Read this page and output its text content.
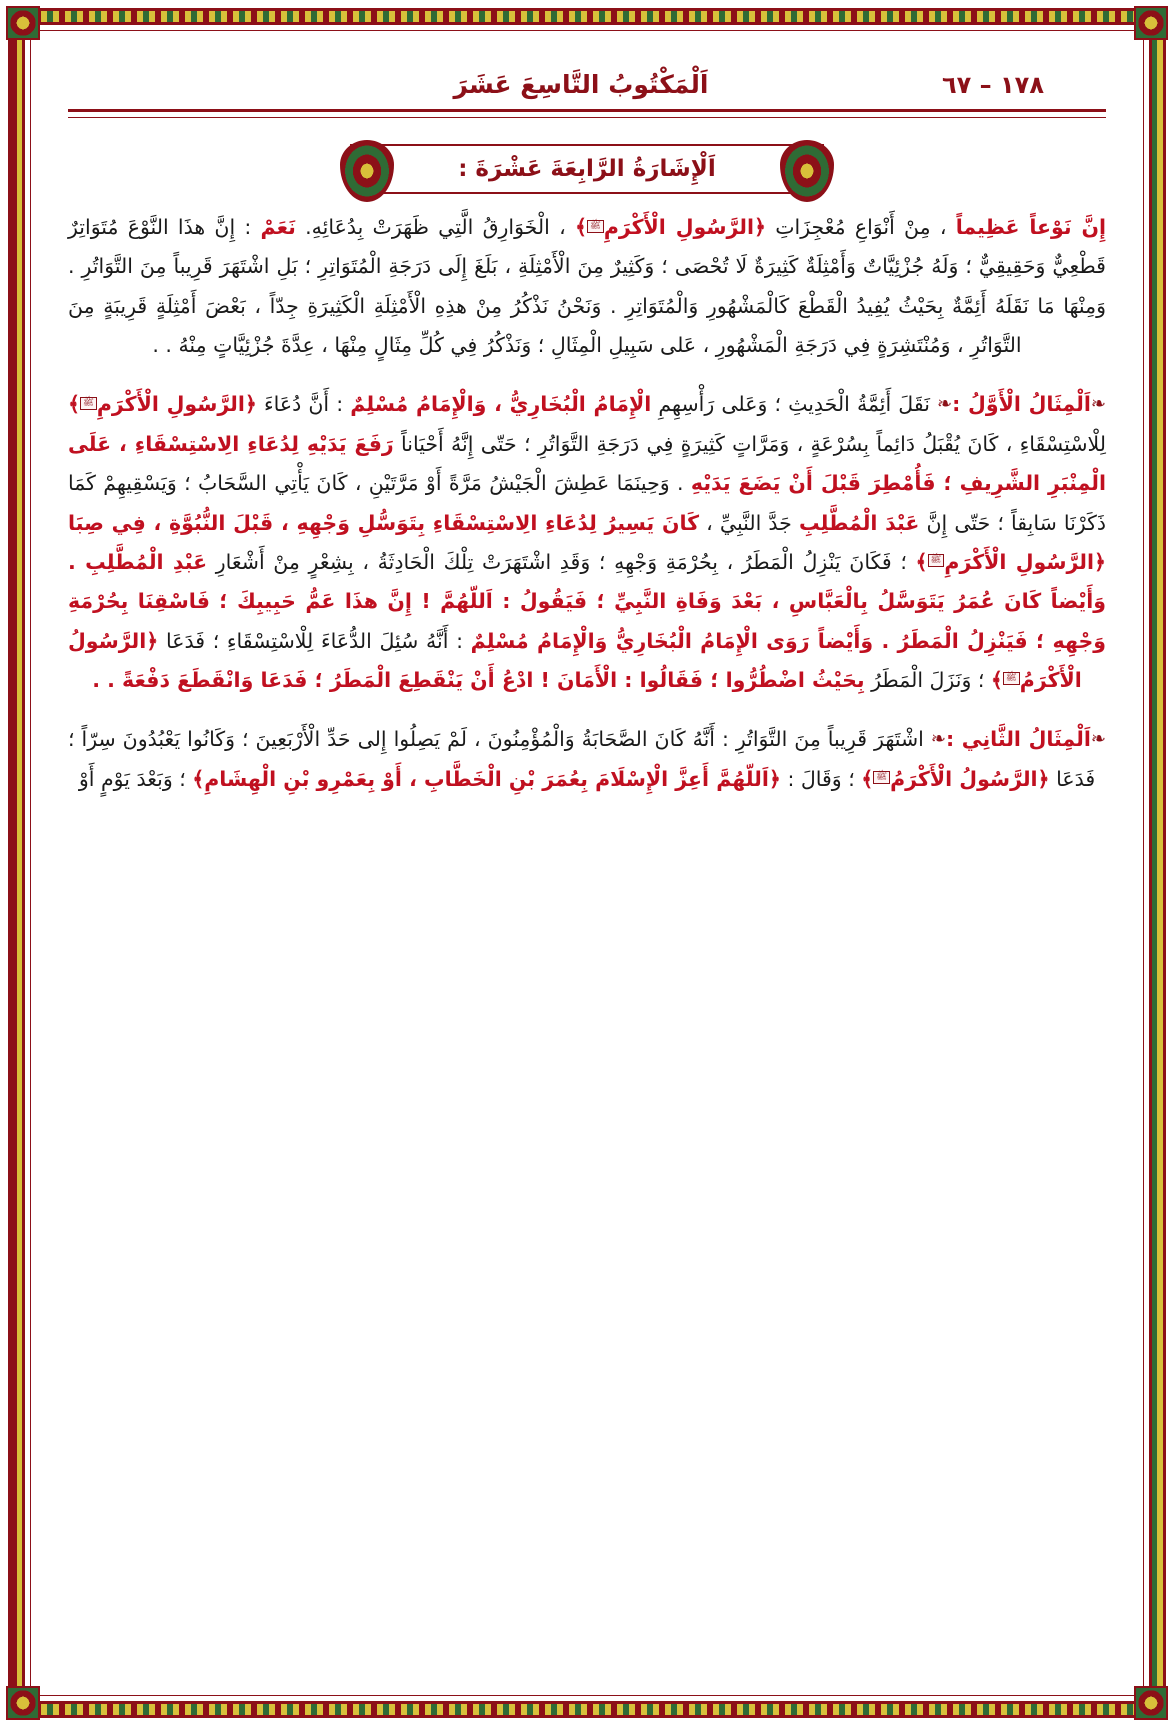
١٧٨ – ٦٧
اَلْمَكْتُوبُ التَّاسِعَ عَشَرَ
اَلْإِشَارَةُ الرَّابِعَةَ عَشْرَةَ :

إِنَّ نَوْعاً عَظِيماً ، مِنْ أَنْوَاعِ مُعْجِزَاتِ ﴿الرَّسُولِ الْأَكْرَمِﷺ﴾ ، الْخَوَارِقُ الَّتِي ظَهَرَتْ بِدُعَائِهِ. نَعَمْ : إِنَّ هذَا النَّوْعَ مُتَوَاتِرٌ قَطْعِيٌّ وَحَقِيقِيٌّ ؛ وَلَهُ جُزْئِيَّاتٌ وَأَمْثِلَةٌ كَثِيرَةٌ لَا تُحْصَى ؛ وَكَثِيرٌ مِنَ الْأَمْثِلَةِ ، بَلَغَ إِلَى دَرَجَةِ الْمُتَوَاتِرِ ؛ بَلِ اشْتَهَرَ قَرِيباً مِنَ التَّوَاتُرِ . وَمِنْهَا مَا نَقَلَهُ أَئِمَّةٌ بِحَيْثُ يُفِيدُ الْقَطْعَ كَالْمَشْهُورِ وَالْمُتَوَاتِرِ . وَنَحْنُ نَذْكُرُ مِنْ هذِهِ الْأَمْثِلَةِ الْكَثِيرَةِ جِدّاً ، بَعْضَ أَمْثِلَةٍ قَرِيبَةٍ مِنَ التَّوَاتُرِ ، وَمُنْتَشِرَةٍ فِي دَرَجَةِ الْمَشْهُورِ ، عَلى سَبِيلِ الْمِثَالِ ؛ وَنَذْكُرُ فِي كُلِّ مِثَالٍ مِنْهَا ، عِدَّةَ جُزْئِيَّاتٍ مِنْهُ . .

❧اَلْمِثَالُ الْأَوَّلُ :❧ نَقَلَ أَئِمَّةُ الْحَدِيثِ ؛ وَعَلى رَأْسِهِمِ الْإِمَامُ الْبُخَارِيُّ ، وَالْإِمَامُ مُسْلِمٌ : أَنَّ دُعَاءَ ﴿الرَّسُولِ الْأَكْرَمِﷺ﴾ لِلْاسْتِسْقَاءِ ، كَانَ يُقْبَلُ دَائِماً بِسُرْعَةٍ ، وَمَرَّاتٍ كَثِيرَةٍ فِي دَرَجَةِ التَّوَاتُرِ ؛ حَتّى إِنَّهُ أَحْيَاناً رَفَعَ يَدَيْهِ لِدُعَاءِ الِاسْتِسْقَاءِ ، عَلَى الْمِنْبَرِ الشَّرِيفِ ؛ فَأُمْطِرَ قَبْلَ أَنْ يَضَعَ يَدَيْهِ . وَحِينَمَا عَطِشَ الْجَيْشُ مَرَّةً أَوْ مَرَّتَيْنِ ، كَانَ يَأْتِي السَّحَابُ ؛ وَيَسْقِيهِمْ كَمَا ذَكَرْنَا سَابِقاً ؛ حَتّى إِنَّ عَبْدَ الْمُطَّلِبِ جَدَّ النَّبِيِّ ، كَانَ يَسِيرُ لِدُعَاءِ الِاسْتِسْقَاءِ بِتَوَسُّلِ وَجْهِهِ ، قَبْلَ النُّبُوَّةِ ، فِي صِبَا ﴿الرَّسُولِ الْأَكْرَمِﷺ﴾ ؛ فَكَانَ يَنْزِلُ الْمَطَرُ ، بِحُرْمَةِ وَجْهِهِ ؛ وَقَدِ اشْتَهَرَتْ تِلْكَ الْحَادِثَةُ ، بِشِعْرٍ مِنْ أَشْعَارِ عَبْدِ الْمُطَّلِبِ . وَأَيْضاً كَانَ عُمَرُ يَتَوَسَّلُ بِالْعَبَّاسِ ، بَعْدَ وَفَاةِ النَّبِيِّ ؛ فَيَقُولُ : اَللّهُمَّ ! إِنَّ هذَا عَمُّ حَبِيبِكَ ؛ فَاسْقِنَا بِحُرْمَةِ وَجْهِهِ ؛ فَيَنْزِلُ الْمَطَرُ . وَأَيْضاً رَوَى الْإِمَامُ الْبُخَارِيُّ وَالْإِمَامُ مُسْلِمٌ : أَنَّهُ سُئِلَ الدُّعَاءَ لِلْاسْتِسْقَاءِ ؛ فَدَعَا ﴿الرَّسُولُ الْأَكْرَمُﷺ﴾ ؛ وَنَزَلَ الْمَطَرُ بِحَيْثُ اضْطُرُّوا ؛ فَقَالُوا : الْأَمَانَ ! ادْعُ أَنْ يَنْقَطِعَ الْمَطَرُ ؛ فَدَعَا وَانْقَطَعَ دَفْعَةً . .

❧اَلْمِثَالُ الثَّانِي :❧ اشْتَهَرَ قَرِيباً مِنَ التَّوَاتُرِ : أَنَّهُ كَانَ الصَّحَابَةُ وَالْمُؤْمِنُونَ ، لَمْ يَصِلُوا إِلى حَدِّ الْأَرْبَعِينَ ؛ وَكَانُوا يَعْبُدُونَ سِرّاً ؛ فَدَعَا ﴿الرَّسُولُ الْأَكْرَمُﷺ﴾ ؛ وَقَالَ : ﴿اَللّهُمَّ أَعِزَّ الْإِسْلَامَ بِعُمَرَ بْنِ الْخَطَّابِ ، أَوْ بِعَمْرِو بْنِ الْهِشَامِ﴾ ؛ وَبَعْدَ يَوْمٍ أَوْ
